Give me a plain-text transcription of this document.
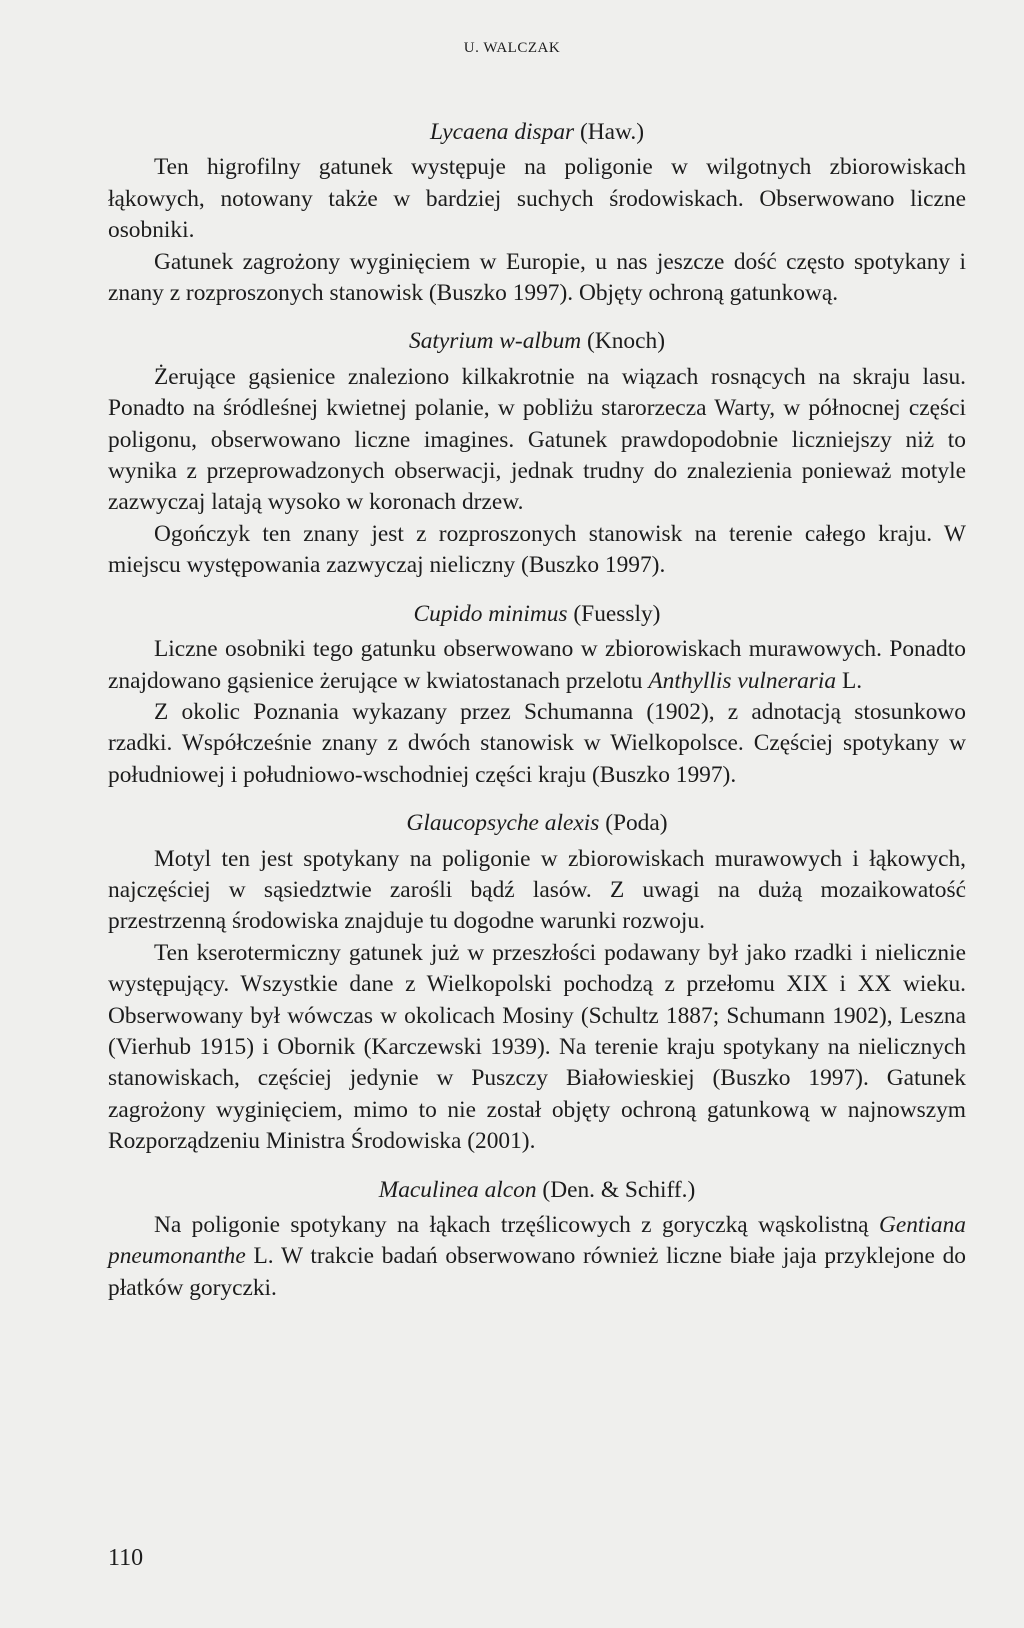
U. WALCZAK
Lycaena dispar (Haw.)

Ten higrofilny gatunek występuje na poligonie w wilgotnych zbiorowiskach łąkowych, notowany także w bardziej suchych środowiskach. Obserwowano liczne osobniki.

Gatunek zagrożony wyginięciem w Europie, u nas jeszcze dość często spotykany i znany z rozproszonych stanowisk (Buszko 1997). Objęty ochroną gatunkową.

Satyrium w-album (Knoch)

Żerujące gąsienice znaleziono kilkakrotnie na wiązach rosnących na skraju lasu. Ponadto na śródleśnej kwietnej polanie, w pobliżu starorzecza Warty, w północnej części poligonu, obserwowano liczne imagines. Gatunek prawdopodobnie liczniejszy niż to wynika z przeprowadzonych obserwacji, jednak trudny do znalezienia ponieważ motyle zazwyczaj latają wysoko w koronach drzew.

Ogończyk ten znany jest z rozproszonych stanowisk na terenie całego kraju. W miejscu występowania zazwyczaj nieliczny (Buszko 1997).

Cupido minimus (Fuessly)

Liczne osobniki tego gatunku obserwowano w zbiorowiskach murawowych. Ponadto znajdowano gąsienice żerujące w kwiatostanach przelotu Anthyllis vulneraria L.

Z okolic Poznania wykazany przez Schumanna (1902), z adnotacją stosunkowo rzadki. Współcześnie znany z dwóch stanowisk w Wielkopolsce. Częściej spotykany w południowej i południowo-wschodniej części kraju (Buszko 1997).

Glaucopsyche alexis (Poda)

Motyl ten jest spotykany na poligonie w zbiorowiskach murawowych i łąkowych, najczęściej w sąsiedztwie zarośli bądź lasów. Z uwagi na dużą mozaikowatość przestrzenną środowiska znajduje tu dogodne warunki rozwoju.

Ten kserotermiczny gatunek już w przeszłości podawany był jako rzadki i nielicznie występujący. Wszystkie dane z Wielkopolski pochodzą z przełomu XIX i XX wieku. Obserwowany był wówczas w okolicach Mosiny (Schultz 1887; Schumann 1902), Leszna (Vierhub 1915) i Obornik (Karczewski 1939). Na terenie kraju spotykany na nielicznych stanowiskach, częściej jedynie w Puszczy Białowieskiej (Buszko 1997). Gatunek zagrożony wyginięciem, mimo to nie został objęty ochroną gatunkową w najnowszym Rozporządzeniu Ministra Środowiska (2001).

Maculinea alcon (Den. & Schiff.)

Na poligonie spotykany na łąkach trzęślicowych z goryczką wąskolistną Gentiana pneumonanthe L. W trakcie badań obserwowano również liczne białe jaja przyklejone do płatków goryczki.

110
